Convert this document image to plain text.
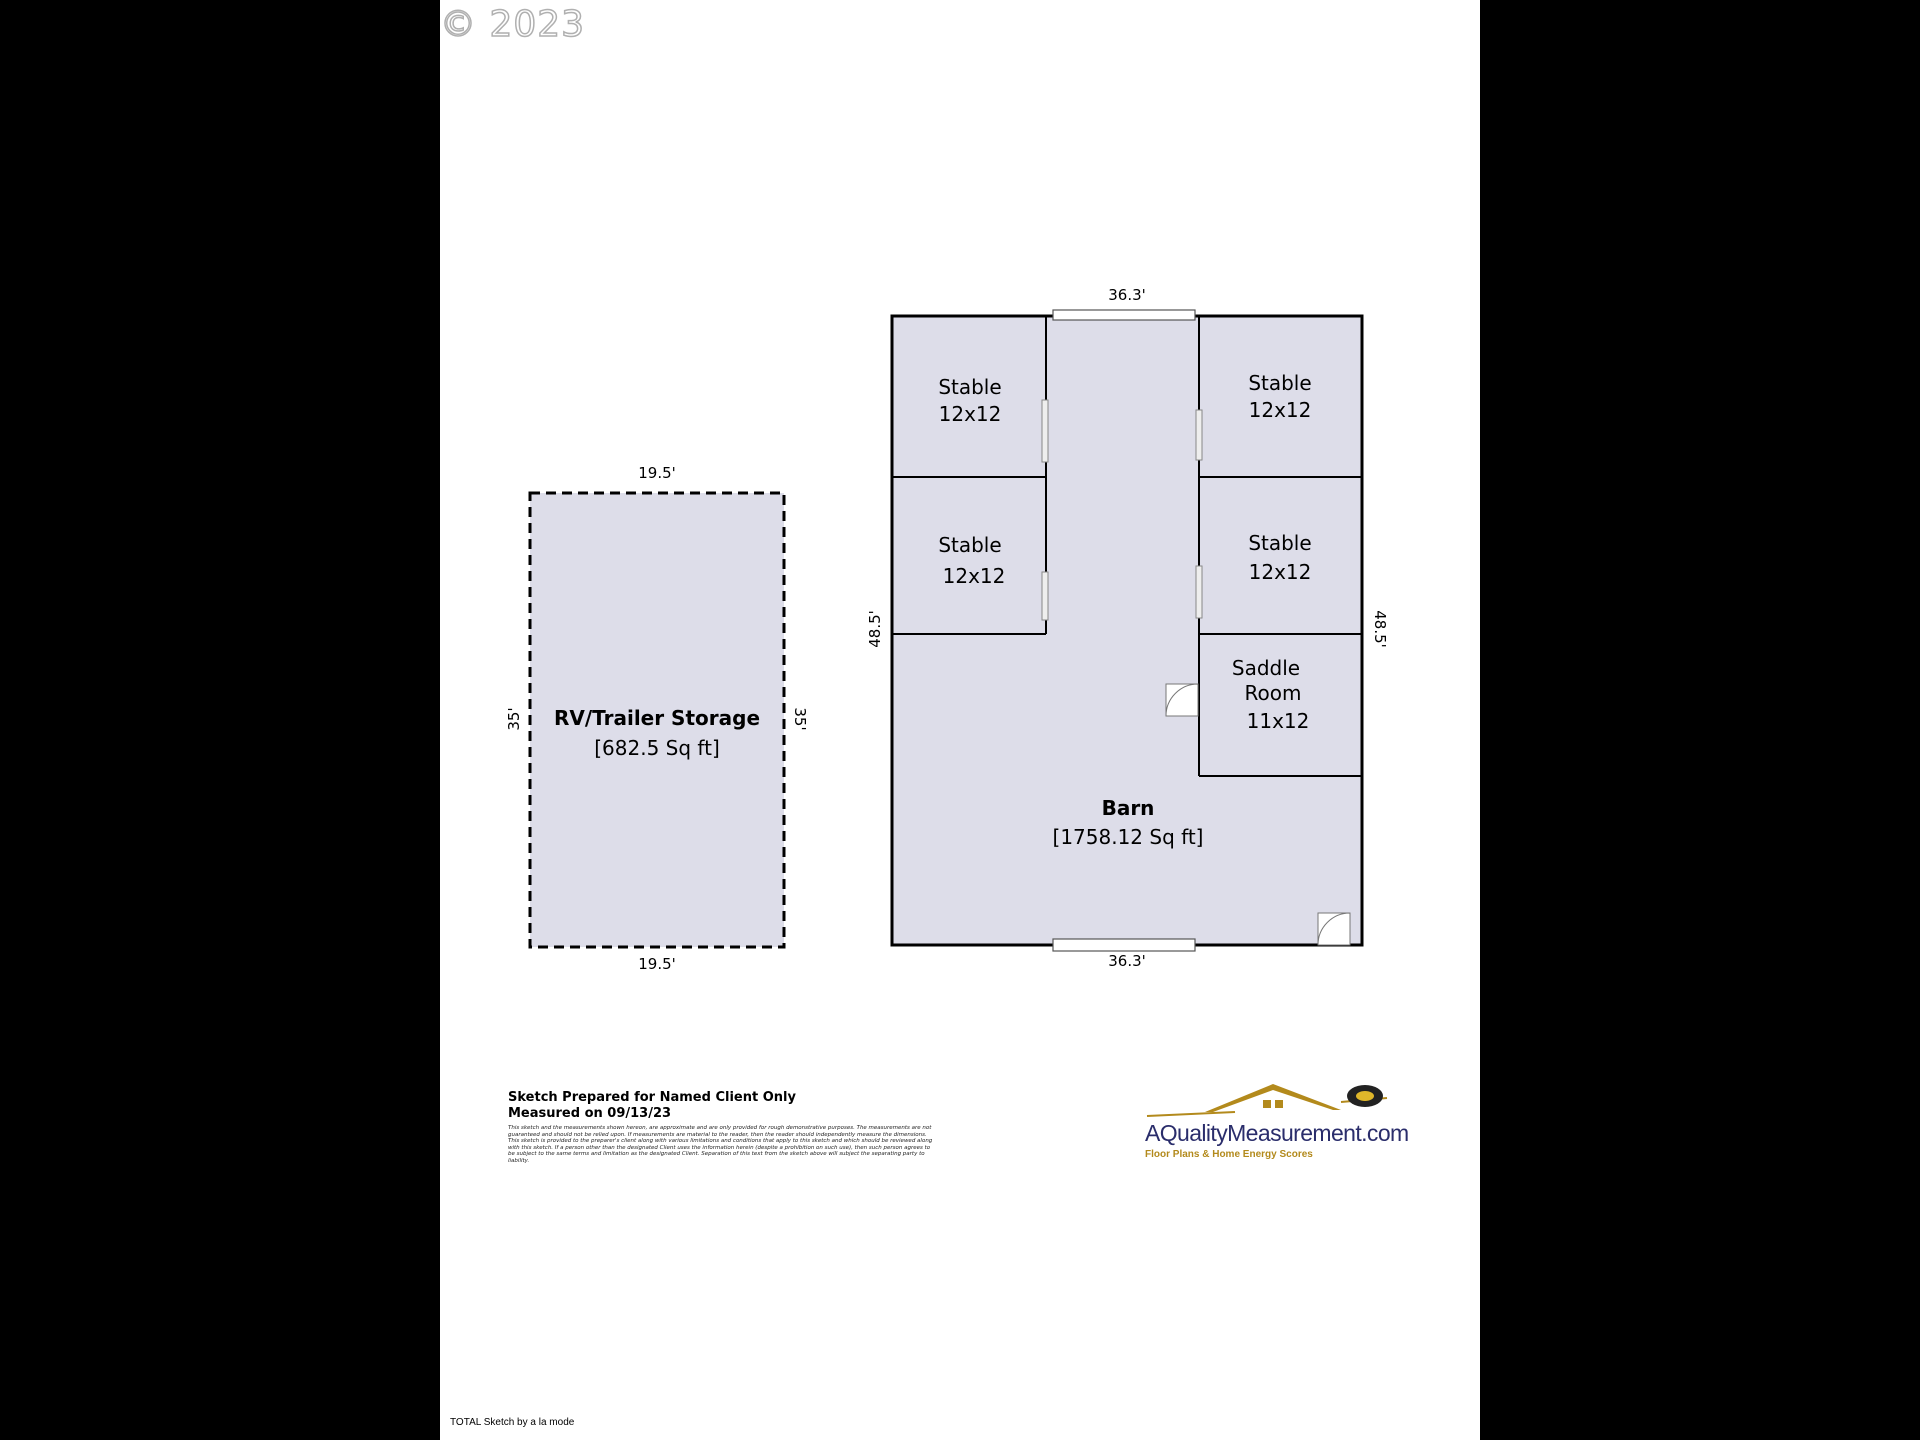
© 2023
19.5'
19.5'
35'	35'
RV/Trailer Storage
[682.5 Sq ft]
36.3'
36.3'
48.5'	48.5'
Stable
12x12
Stable
12x12
Stable
12x12
Stable
12x12
Saddle
Room
11x12
Barn
[1758.12 Sq ft]
Sketch Prepared for Named Client Only
Measured on 09/13/23
This sketch and the measurements shown hereon, are approximate and are only provided for rough demonstrative purposes. The measurements are not guaranteed and should not be relied upon. If measurements are material to the reader, then the reader should independently measure the dimensions. This sketch is provided to the preparer's client along with various limitations and conditions that apply to this sketch and which should be reviewed along with this sketch. If a person other than the designated Client uses the information herein (despite a prohibition on such use), then such person agrees to be subject to the same terms and limitation as the designated Client. Separation of this text from the sketch above will subject the separating party to liability.
AQualityMeasurement.com
Floor Plans & Home Energy Scores
TOTAL Sketch by a la mode
